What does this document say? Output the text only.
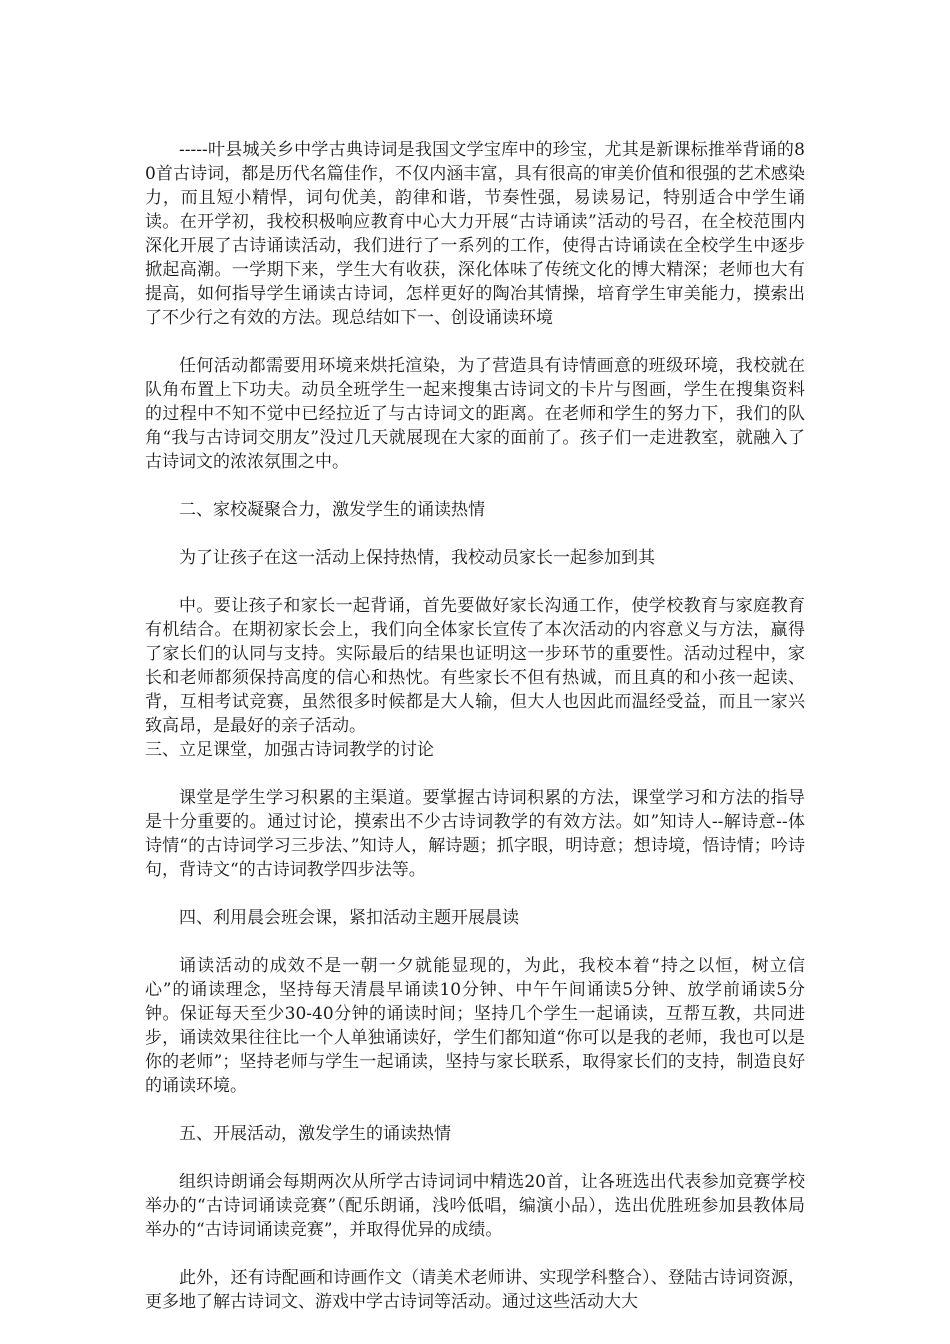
-----叶县城关乡中学古典诗词是我国文学宝库中的珍宝，尤其是新课标推举背诵的80首古诗词，都是历代名篇佳作，不仅内涵丰富，具有很高的审美价值和很强的艺术感染力，而且短小精悍，词句优美，韵律和谐，节奏性强，易读易记，特别适合中学生诵读。在开学初，我校积极响应教育中心大力开展“古诗诵读”活动的号召，在全校范围内深化开展了古诗诵读活动，我们进行了一系列的工作，使得古诗诵读在全校学生中逐步掀起高潮。一学期下来，学生大有收获，深化体味了传统文化的博大精深；老师也大有提高，如何指导学生诵读古诗词，怎样更好的陶冶其情操，培育学生审美能力，摸索出了不少行之有效的方法。现总结如下一、创设诵读环境

任何活动都需要用环境来烘托渲染，为了营造具有诗情画意的班级环境，我校就在队角布置上下功夫。动员全班学生一起来搜集古诗词文的卡片与图画，学生在搜集资料的过程中不知不觉中已经拉近了与古诗词文的距离。在老师和学生的努力下，我们的队角“我与古诗词交朋友”没过几天就展现在大家的面前了。孩子们一走进教室，就融入了古诗词文的浓浓氛围之中。

二、家校凝聚合力，激发学生的诵读热情

为了让孩子在这一活动上保持热情，我校动员家长一起参加到其

中。要让孩子和家长一起背诵，首先要做好家长沟通工作，使学校教育与家庭教育有机结合。在期初家长会上，我们向全体家长宣传了本次活动的内容意义与方法，赢得了家长们的认同与支持。实际最后的结果也证明这一步环节的重要性。活动过程中，家长和老师都须保持高度的信心和热忱。有些家长不但有热诚，而且真的和小孩一起读、背，互相考试竞赛，虽然很多时候都是大人输，但大人也因此而温经受益，而且一家兴致高昂，是最好的亲子活动。

三、立足课堂，加强古诗词教学的讨论

课堂是学生学习积累的主渠道。要掌握古诗词积累的方法，课堂学习和方法的指导是十分重要的。通过讨论，摸索出不少古诗词教学的有效方法。如”知诗人--解诗意--体诗情“的古诗词学习三步法、”知诗人，解诗题；抓字眼，明诗意；想诗境，悟诗情；吟诗句，背诗文“的古诗词教学四步法等。

四、利用晨会班会课，紧扣活动主题开展晨读

诵读活动的成效不是一朝一夕就能显现的，为此，我校本着“持之以恒，树立信心”的诵读理念，坚持每天清晨早诵读10分钟、中午午间诵读5分钟、放学前诵读5分钟。保证每天至少30-40分钟的诵读时间；坚持几个学生一起诵读，互帮互教，共同进步，诵读效果往往比一个人单独诵读好，学生们都知道“你可以是我的老师，我也可以是你的老师”；坚持老师与学生一起诵读，坚持与家长联系，取得家长们的支持，制造良好的诵读环境。

五、开展活动，激发学生的诵读热情

组织诗朗诵会每期两次从所学古诗词词中精选20首，让各班选出代表参加竞赛学校举办的“古诗词诵读竞赛”（配乐朗诵，浅吟低唱，编演小品），选出优胜班参加县教体局举办的“古诗词诵读竞赛”，并取得优异的成绩。

此外，还有诗配画和诗画作文（请美术老师讲、实现学科整合）、登陆古诗词资源，更多地了解古诗词文、游戏中学古诗词等活动。通过这些活动大大
